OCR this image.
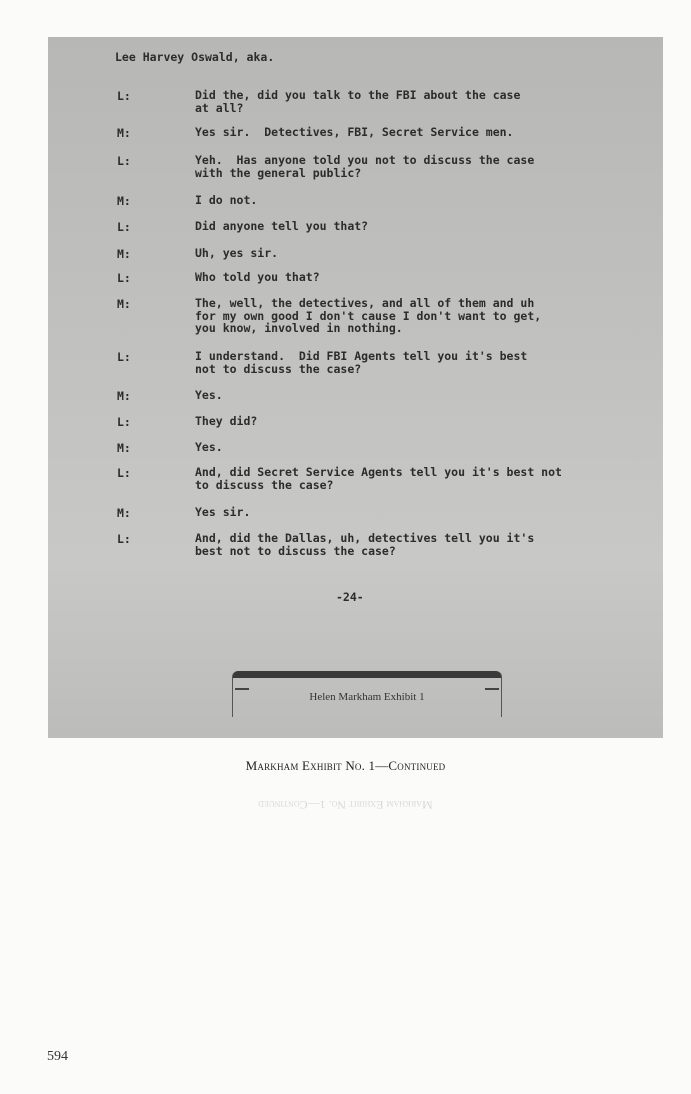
Lee Harvey Oswald, aka.
L:	Did the, did you talk to the FBI about the case
at all?
M:	Yes sir.  Detectives, FBI, Secret Service men.
L:	Yeh.  Has anyone told you not to discuss the case
with the general public?
M:	I do not.
L:	Did anyone tell you that?
M:	Uh, yes sir.
L:	Who told you that?
M:	The, well, the detectives, and all of them and uh
for my own good I don't cause I don't want to get,
you know, involved in nothing.
L:	I understand.  Did FBI Agents tell you it's best
not to discuss the case?
M:	Yes.
L:	They did?
M:	Yes.
L:	And, did Secret Service Agents tell you it's best not
to discuss the case?
M:	Yes sir.
L:	And, did the Dallas, uh, detectives tell you it's
best not to discuss the case?
-24-
Helen Markham Exhibit 1
Markham Exhibit No. 1—Continued
Markham Exhibit No. 1—Continued
594
